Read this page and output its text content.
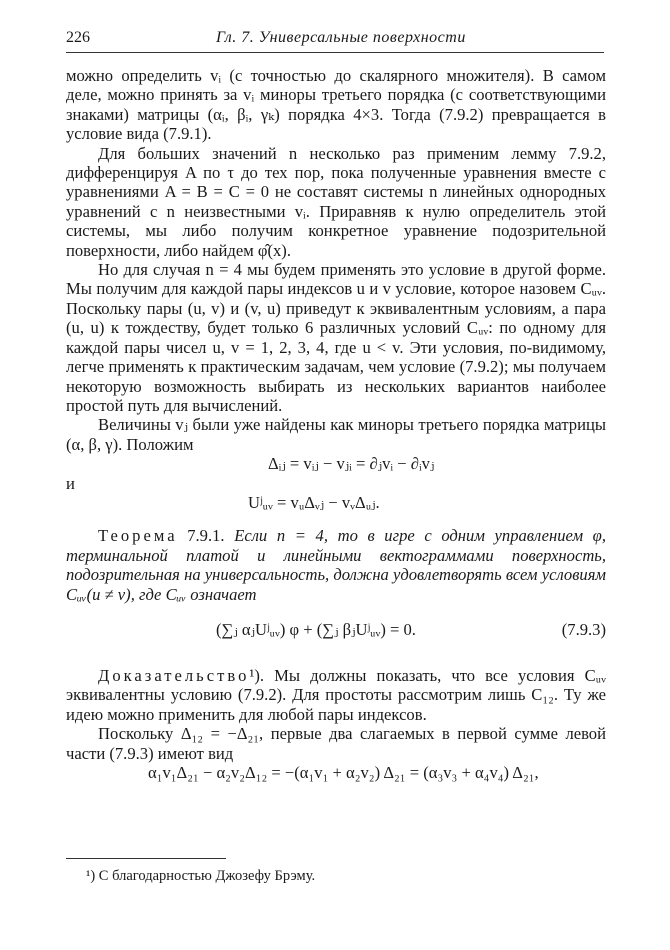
226	Гл. 7. Универсальные поверхности

можно определить vᵢ (с точностью до скалярного множителя). В самом деле, можно принять за vᵢ миноры третьего порядка (с соответствующими знаками) матрицы (αᵢ, βᵢ, γₖ) порядка 4×3. Тогда (7.9.2) превращается в условие вида (7.9.1).

Для больших значений n несколько раз применим лемму 7.9.2, дифференцируя A по τ до тех пор, пока полученные уравнения вместе с уравнениями A = B = C = 0 не составят системы n линейных однородных уравнений с n неизвестными vᵢ. Приравняв к нулю определитель этой системы, мы либо получим конкретное уравнение подозрительной поверхности, либо найдем φ̂(x).

Но для случая n = 4 мы будем применять это условие в другой форме. Мы получим для каждой пары индексов u и v условие, которое назовем Cᵤᵥ. Поскольку пары (u, v) и (v, u) приведут к эквивалентным условиям, а пара (u, u) к тождеству, будет только 6 различных условий Cᵤᵥ: по одному для каждой пары чисел u, v = 1, 2, 3, 4, где u < v. Эти условия, по-видимому, легче применять к практическим задачам, чем условие (7.9.2); мы получаем некоторую возможность выбирать из нескольких вариантов наиболее простой путь для вычислений.

Величины vⱼ были уже найдены как миноры третьего порядка матрицы (α, β, γ). Положим

Δᵢⱼ = vᵢⱼ − vⱼᵢ = ∂ⱼvᵢ − ∂ᵢvⱼ

и

Uʲᵤᵥ = vᵤΔᵥⱼ − vᵥΔᵤⱼ.

Теорема 7.9.1. Если n = 4, то в игре с одним управлением φ, терминальной платой и линейными вектограммами поверхность, подозрительная на универсальность, должна удовлетворять всем условиям Cᵤᵥ(u ≠ v), где Cᵤᵥ означает

(∑ⱼ αⱼUʲᵤᵥ) φ + (∑ⱼ βⱼUʲᵤᵥ) = 0.	(7.9.3)

Доказательство¹). Мы должны показать, что все условия Cᵤᵥ эквивалентны условию (7.9.2). Для простоты рассмотрим лишь C₁₂. Ту же идею можно применить для любой пары индексов.

Поскольку Δ₁₂ = −Δ₂₁, первые два слагаемых в первой сумме левой части (7.9.3) имеют вид

α₁v₁Δ₂₁ − α₂v₂Δ₁₂ = −(α₁v₁ + α₂v₂) Δ₂₁ = (α₃v₃ + α₄v₄) Δ₂₁,

¹) С благодарностью Джозефу Брэму.
